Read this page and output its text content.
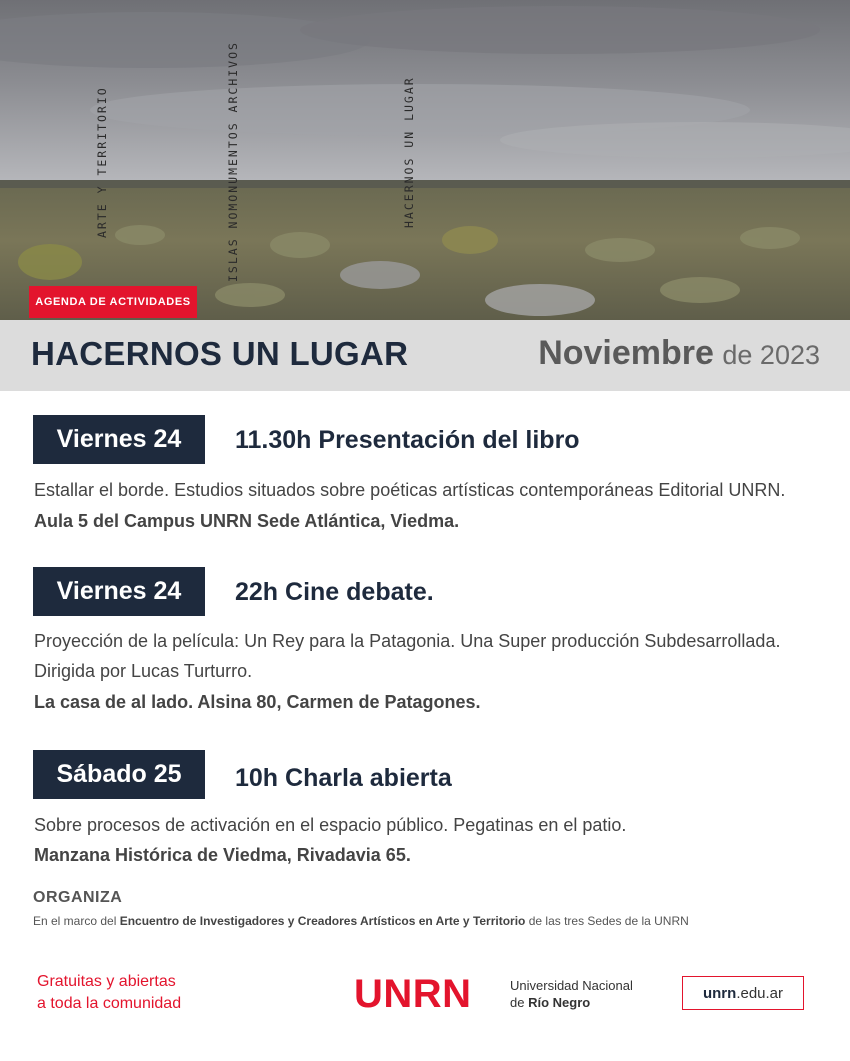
ARTE Y TERRITORIO	ISLAS NOMONUMENTOS ARCHIVOS	HACERNOS UN LUGAR
AGENDA DE ACTIVIDADES
HACERNOS UN LUGAR	Noviembre de 2023
Viernes 24	11.30h Presentación del libro
Estallar el borde. Estudios situados sobre poéticas artísticas contemporáneas Editorial UNRN.
Aula 5 del Campus UNRN Sede Atlántica, Viedma.
Viernes 24	22h Cine debate.
Proyección de la película: Un Rey para la Patagonia. Una Super producción Subdesarrollada.
Dirigida por Lucas Turturro.
La casa de al lado. Alsina 80, Carmen de Patagones.
Sábado 25	10h Charla abierta
Sobre procesos de activación en el espacio público. Pegatinas en el patio.
Manzana Histórica de Viedma, Rivadavia 65.
ORGANIZA
En el marco del Encuentro de Investigadores y Creadores Artísticos en Arte y Territorio de las tres Sedes de la UNRN
Gratuitas y abiertas
a toda la comunidad	UNRN	Universidad Nacional
de Río Negro
unrn .edu.ar
